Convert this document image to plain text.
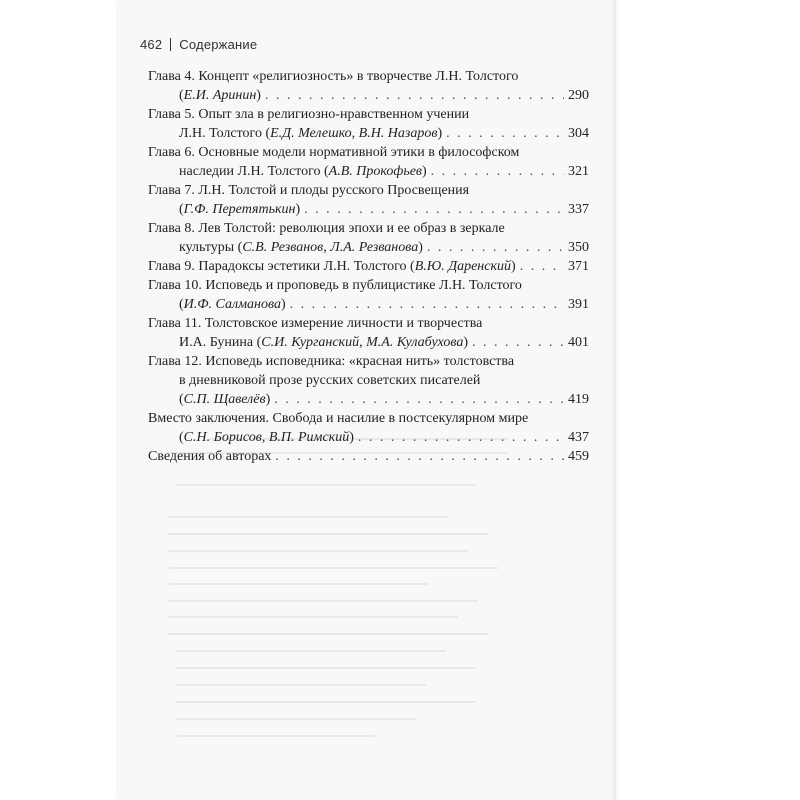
462 Содержание
Глава 4. Концепт «религиозность» в творчестве Л.Н. Толстого
(Е.И. Аринин) . . .	290
Глава 5. Опыт зла в религиозно-нравственном учении
Л.Н. Толстого (Е.Д. Мелешко, В.Н. Назаров) . . .	304
Глава 6. Основные модели нормативной этики в философском
наследии Л.Н. Толстого (А.В. Прокофьев) . . .	321
Глава 7. Л.Н. Толстой и плоды русского Просвещения
(Г.Ф. Перетятькин) . . .	337
Глава 8. Лев Толстой: революция эпохи и ее образ в зеркале
культуры (С.В. Резванов, Л.А. Резванова) . . .	350
Глава 9. Парадоксы эстетики Л.Н. Толстого (В.Ю. Даренский) . . .	371
Глава 10. Исповедь и проповедь в публицистике Л.Н. Толстого
(И.Ф. Салманова) . . .	391
Глава 11. Толстовское измерение личности и творчества
И.А. Бунина (С.И. Курганский, М.А. Кулабухова) . . .	401
Глава 12. Исповедь исповедника: «красная нить» толстовства
в дневниковой прозе русских советских писателей
(С.П. Щавелёв) . . .	419
Вместо заключения. Свобода и насилие в постсекулярном мире
(С.Н. Борисов, В.П. Римский) . . .	437
Сведения об авторах . . .	459
